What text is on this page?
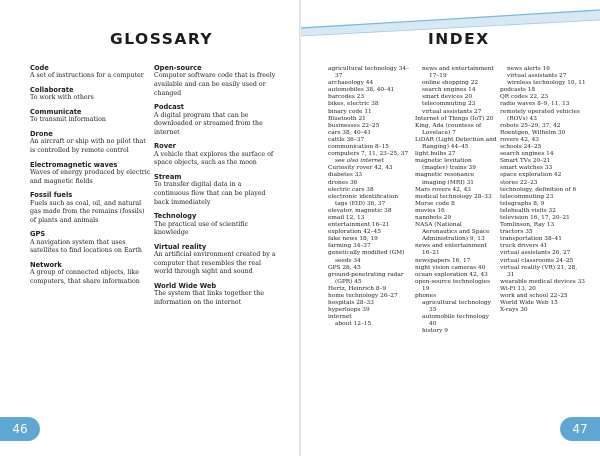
GLOSSARY	INDEX
Code
A set of instructions for a computer
Collaborate
To work with others
Communicate
To transmit information
Drone
An aircraft or ship with no pilot that is controlled by remote control
Electromagnetic waves
Waves of energy produced by electric and magnetic fields
Fossil fuels
Fuels such as coal, oil, and natural gas made from the remains (fossils) of plants and animals
GPS
A navigation system that uses satellites to find locations on Earth
Network
A group of connected objects, like computers, that share information
Open-source
Computer software code that is freely available and can be easily used or changed
Podcast
A digital program that can be downloaded or streamed from the internet
Rover
A vehicle that explores the surface of space objects, such as the moon
Stream
To transfer digital data in a continuous flow that can be played back immediately
Technology
The practical use of scientific knowledge
Virtual reality
An artificial environment created by a computer that resembles the real world through sight and sound
World Wide Web
The system that links together the information on the internet
agricultural technology 34–37
archaeology 44
automobiles 38, 40–41
barcodes 23
bikes, electric 38
binary code 11
Bluetooth 21
businesses 22–25
cars 38, 40–41
cattle 36–37
communication 8–15
computers 7, 11, 23–25, 37
see also internet
Curiosity rover 42, 43
diabetes 33
drones 36
electric cars 38
electronic identification tags (EID) 36, 37
elevator, magnetic 38
email 12, 13
entertainment 16–21
exploration 42–45
fake news 18, 19
farming 34–37
genetically modified (GM) seeds 34
GPS 28, 45
ground-penetrating radar (GPR) 45
Hertz, Heinrich 8–9
home technology 26–27
hospitals 28–33
hyperloops 39
internet
about 12–15
news and entertainment 17–19
online shopping 22
search engines 14
smart devices 20
telecommuting 23
virtual assistants 27
Internet of Things (IoT) 20
King, Ada (countess of Lovelace) 7
LiDAR (Light Detection and Ranging) 44–45
light bulbs 27
magnetic levitation (maglev) trains 39
magnetic resonance imaging (MRI) 31
Mars rovers 42, 43
medical technology 28–33
Morse code 8
movies 16
nanobots 29
NASA (National Aeronautics and Space Administration) 9, 13
news and entertainment 16–21
newspapers 16, 17
night vision cameras 40
ocean exploration 42, 43
open-source technologies 19
phones
agricultural technology 35
automobile technology 40
history 9
news alerts 16
virtual assistants 27
wireless technology 10, 11
podcasts 18
QR codes 22, 23
radio waves 8–9, 11, 13
remotely operated vehicles (ROVs) 43
robots 25–29, 37, 42
Roentgen, Wilhelm 30
rovers 42, 43
schools 24–25
search engines 14
Smart TVs 20–21
smart watches 33
space exploration 42
stores 22–23
technology, definition of 6
telecommuting 23
telegraphs 8, 9
telehealth visits 32
television 16, 17, 20–21
Tomlinson, Ray 13
tractors 35
transportation 38–41
truck drivers 41
virtual assistants 26, 27
virtual classrooms 24–25
virtual reality (VR) 21, 28, 31
wearable medical devices 33
Wi-Fi 13, 20
work and school 22–25
World Wide Web 15
X-rays 30
46	47
